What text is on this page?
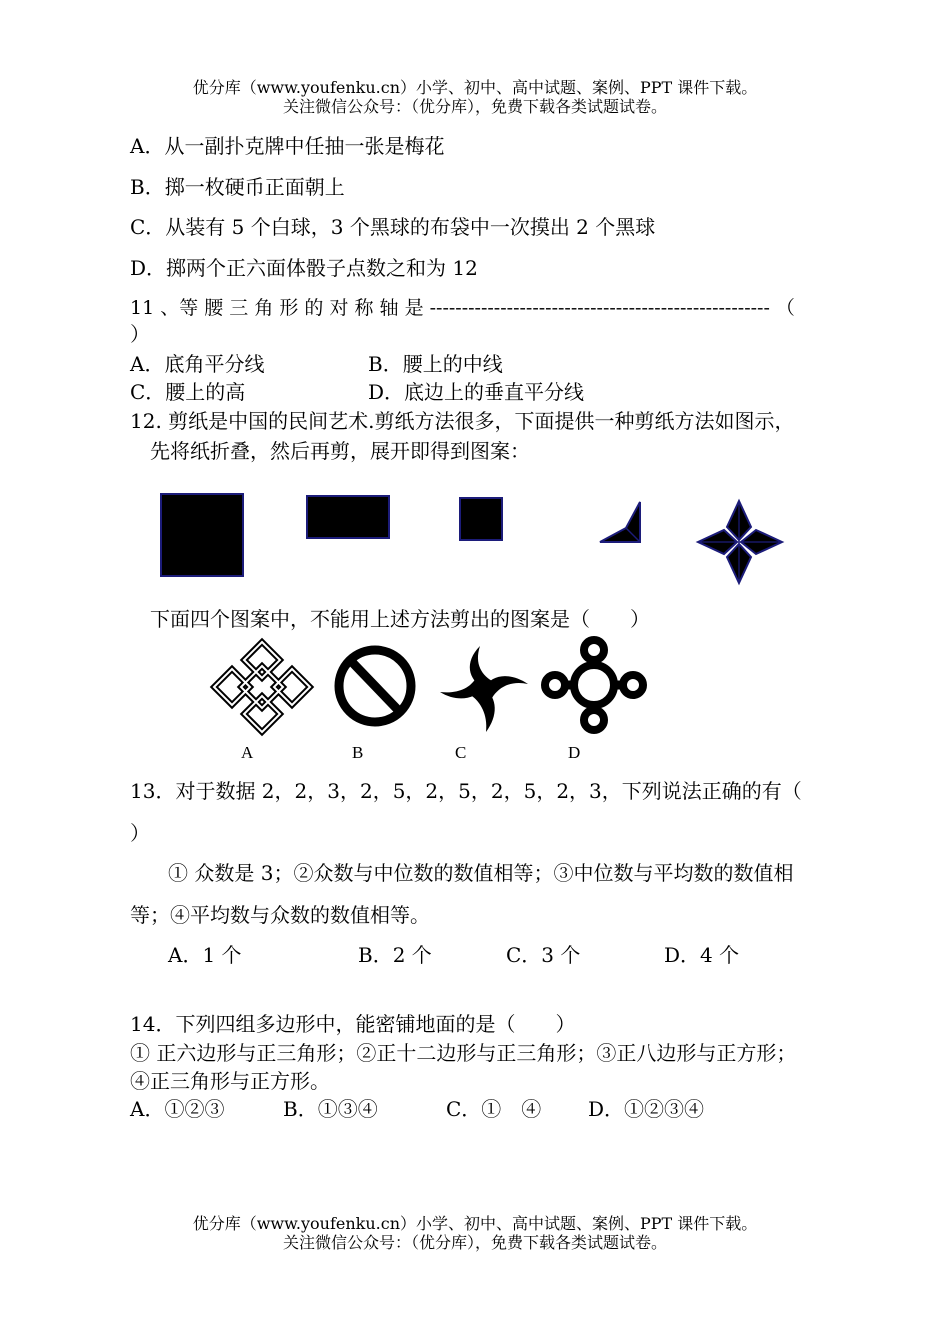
优分库（www.youfenku.cn）小学、初中、高中试题、案例、PPT 课件下载。
关注微信公众号：（优分库），免费下载各类试题试卷。
A．从一副扑克牌中任抽一张是梅花
B．掷一枚硬币正面朝上
C．从装有 5 个白球，3 个黑球的布袋中一次摸出 2 个黑球
D．掷两个正六面体骰子点数之和为 12
11 、等 腰 三 角 形 的 对 称 轴 是 ----------------------------------------------------- （
）
A．底角平分线	B．腰上的中线
C．腰上的高	D．底边上的垂直平分线
12. 剪纸是中国的民间艺术.剪纸方法很多，下面提供一种剪纸方法如图示，
先将纸折叠，然后再剪，展开即得到图案：
下面四个图案中，不能用上述方法剪出的图案是（　　）
A	B	C	D
13．对于数据 2，2，3，2，5，2，5，2，5，2，3，下列说法正确的有（
）
① 众数是 3；②众数与中位数的数值相等；③中位数与平均数的数值相
等；④平均数与众数的数值相等。
A．1 个	B．2 个	C．3 个	D．4 个
14．下列四组多边形中，能密铺地面的是（　　）
① 正六边形与正三角形；②正十二边形与正三角形；③正八边形与正方形；
④正三角形与正方形。
A．①②③	B．①③④	C．①　④ D．①②③④
优分库（www.youfenku.cn）小学、初中、高中试题、案例、PPT 课件下载。
关注微信公众号：（优分库），免费下载各类试题试卷。
